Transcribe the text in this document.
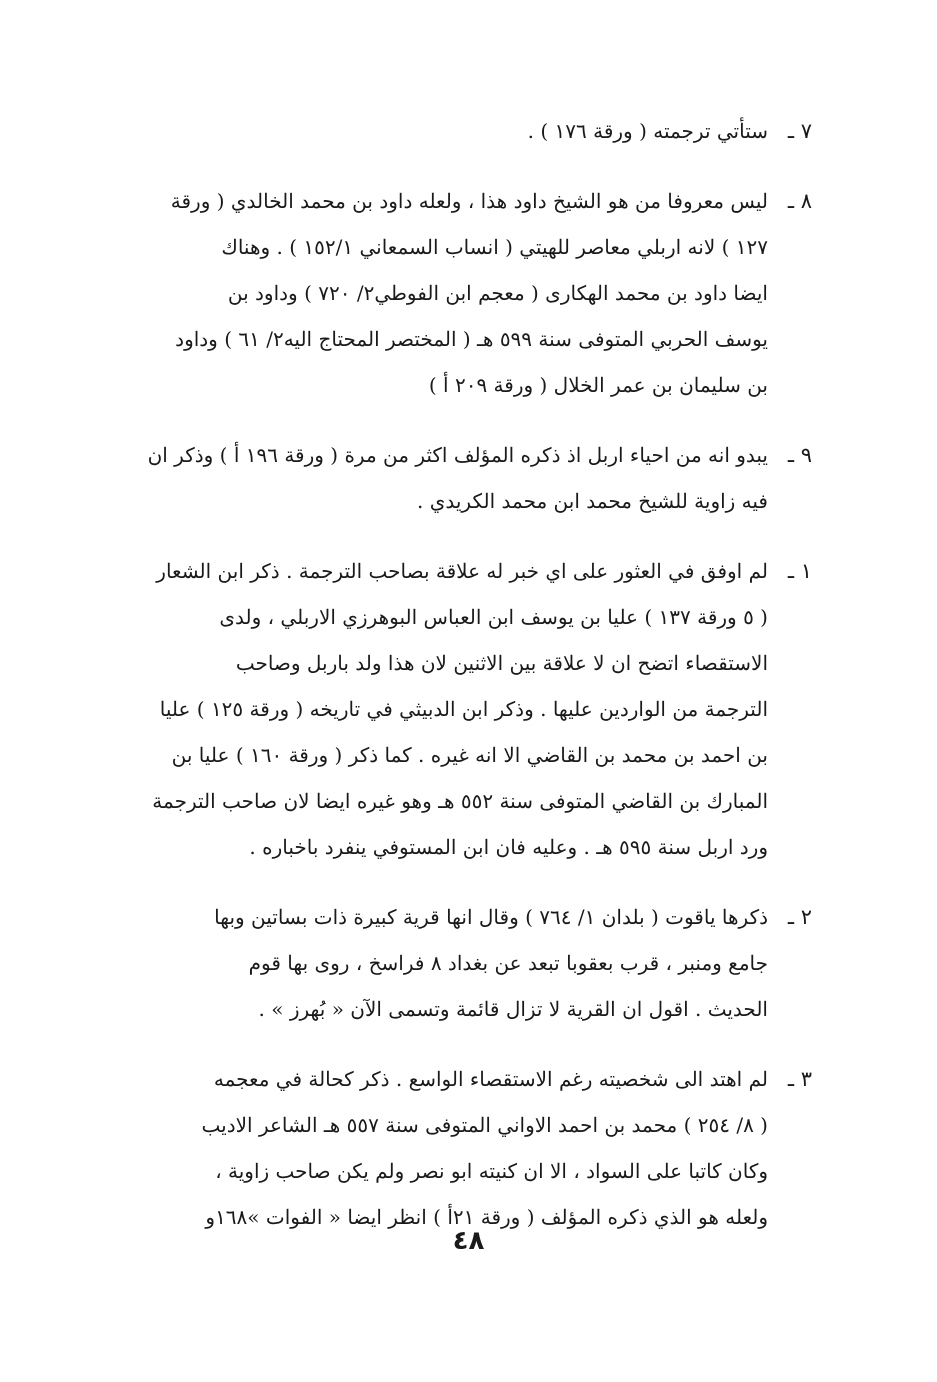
٧ ـ
ستأتي ترجمته ( ورقة ١٧٦ ) .
٨ ـ
ليس معروفا من هو الشيخ داود هذا ، ولعله داود بن محمد الخالدي ( ورقة
١٢٧ ) لانه اربلي معاصر للهيتي ( انساب السمعاني ١٥٢/١ ) . وهناك
ايضا داود بن محمد الهكارى ( معجم ابن الفوطي٢/ ٧٢٠ ) وداود بن
يوسف الحربي المتوفى سنة ٥٩٩ هـ ( المختصر المحتاج اليه٢/ ٦١ ) وداود
بن سليمان بن عمر الخلال ( ورقة ٢٠٩ أ )
٩ ـ
يبدو انه من احياء اربل اذ ذكره المؤلف اكثر من مرة ( ورقة ١٩٦ أ ) وذكر ان
فيه زاوية للشيخ محمد ابن محمد الكريدي .
١ ـ
لم اوفق في العثور على اي خبر له علاقة بصاحب الترجمة . ذكر ابن الشعار
( ٥ ورقة ١٣٧ ) عليا بن يوسف ابن العباس البوهرزي الاربلي ، ولدى
الاستقصاء اتضح ان لا علاقة بين الاثنين لان هذا ولد باربل وصاحب
الترجمة من الواردين عليها . وذكر ابن الدبيثي في تاريخه ( ورقة ١٢٥ ) عليا
بن احمد بن محمد بن القاضي الا انه غيره . كما ذكر ( ورقة ١٦٠ ) عليا بن
المبارك بن القاضي المتوفى سنة ٥٥٢ هـ وهو غيره ايضا لان صاحب الترجمة
ورد اربل سنة ٥٩٥ هـ . وعليه فان ابن المستوفي ينفرد باخباره .
٢ ـ
ذكرها ياقوت ( بلدان ١/ ٧٦٤ ) وقال انها قرية كبيرة ذات بساتين وبها
جامع ومنبر ، قرب بعقوبا تبعد عن بغداد ٨ فراسخ ، روى بها قوم
الحديث . اقول ان القرية لا تزال قائمة وتسمى الآن « بُهرز » .
٣ ـ
لم اهتد الى شخصيته رغم الاستقصاء الواسع . ذكر كحالة في معجمه
( ٨/ ٢٥٤ ) محمد بن احمد الاواني المتوفى سنة ٥٥٧ هـ الشاعر الاديب
وكان كاتبا على السواد ، الا ان كنيته ابو نصر ولم يكن صاحب زاوية ،
ولعله هو الذي ذكره المؤلف ( ورقة ٢١أ ) انظر ايضا « الفوات »١٦٨و
٤٨
